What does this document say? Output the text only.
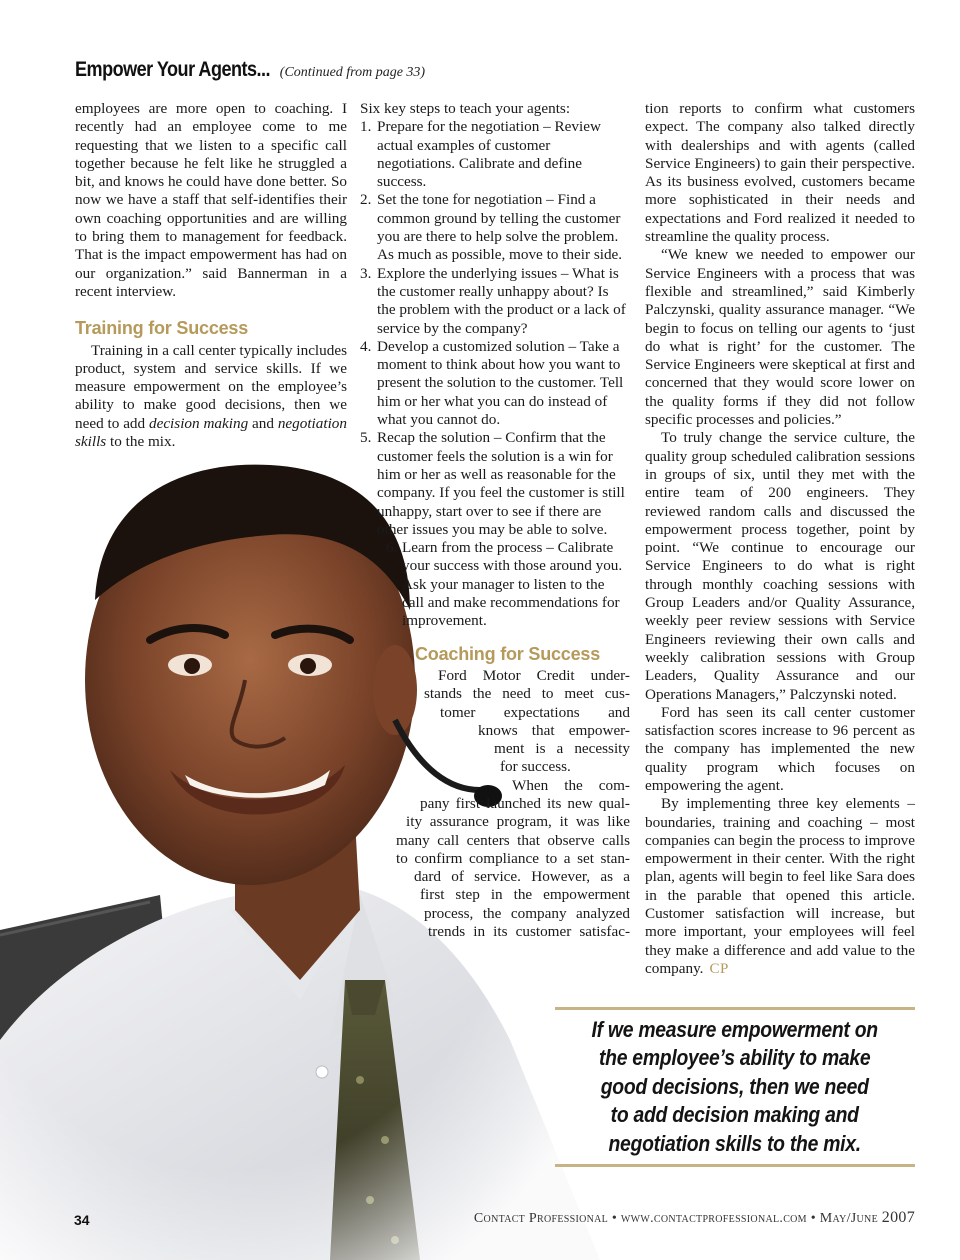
Empower Your Agents... (Continued from page 33)

employees are more open to coaching. I recently had an employee come to me requesting that we listen to a specific call together because he felt like he struggled a bit, and knows he could have done better. So now we have a staff that self-identifies their own coaching opportunities and are willing to bring them to management for feedback. That is the impact empowerment has had on our organization.” said Bannerman in a recent interview.

Training for Success

Training in a call center typically includes product, system and service skills. If we measure empowerment on the employee’s ability to make good decisions, then we need to add decision making and negotiation skills to the mix.

Six key steps to teach your agents:

1. Prepare for the negotiation – Review actual examples of customer negotiations. Calibrate and define success.
2. Set the tone for negotiation – Find a common ground by telling the customer you are there to help solve the problem. As much as possible, move to their side.
3. Explore the underlying issues – What is the customer really unhappy about? Is the problem with the product or a lack of service by the company?
4. Develop a customized solution – Take a moment to think about how you want to present the solution to the customer. Tell him or her what you can do instead of what you cannot do.
5. Recap the solution – Confirm that the customer feels the solution is a win for him or her as well as reasonable for the company. If you feel the customer is still unhappy, start over to see if there are other issues you may be able to solve.
6. Learn from the process – Calibrate your success with those around you. Ask your manager to listen to the call and make recommendations for improvement.
Coaching for Success
Ford Motor Credit under-
stands the need to meet cus-
tomer expectations and
knows that empower-
ment is a necessity
for success.
When the com-
pany first launched its new qual-
ity assurance program, it was like
many call centers that observe calls
to confirm compliance to a set stan-
dard of service. However, as a
first step in the empowerment
process, the company analyzed
trends in its customer satisfac-

tion reports to confirm what customers expect. The company also talked directly with dealerships and with agents (called Service Engineers) to gain their perspective. As its business evolved, customers became more sophisticated in their needs and expectations and Ford realized it needed to streamline the quality process.

“We knew we needed to empower our Service Engineers with a process that was flexible and streamlined,” said Kimberly Palczynski, quality assurance manager. “We begin to focus on telling our agents to ‘just do what is right’ for the customer. The Service Engineers were skeptical at first and concerned that they would score lower on the quality forms if they did not follow specific processes and policies.”

To truly change the service culture, the quality group scheduled calibration sessions in groups of six, until they met with the entire team of 200 engineers. They reviewed random calls and discussed the empowerment process together, point by point. “We continue to encourage our Service Engineers to do what is right through monthly coaching sessions with Group Leaders and/or Quality Assurance, weekly peer review sessions with Service Engineers reviewing their own calls and weekly calibration sessions with Group Leaders, Quality Assurance and our Operations Managers,” Palczynski noted.

Ford has seen its call center customer satisfaction scores increase to 96 percent as the company has implemented the new quality program which focuses on empowering the agent.

By implementing three key elements – boundaries, training and coaching – most companies can begin the process to improve empowerment in their center. With the right plan, agents will begin to feel like Sara does in the parable that opened this article. Customer satisfaction will increase, but more important, your employees will feel they make a difference and add value to the company. CP

If we measure empowerment on
the employee’s ability to make
good decisions, then we need
to add decision making and
negotiation skills to the mix.
34	Contact Professional • www.contactprofessional.com • May/June 2007
